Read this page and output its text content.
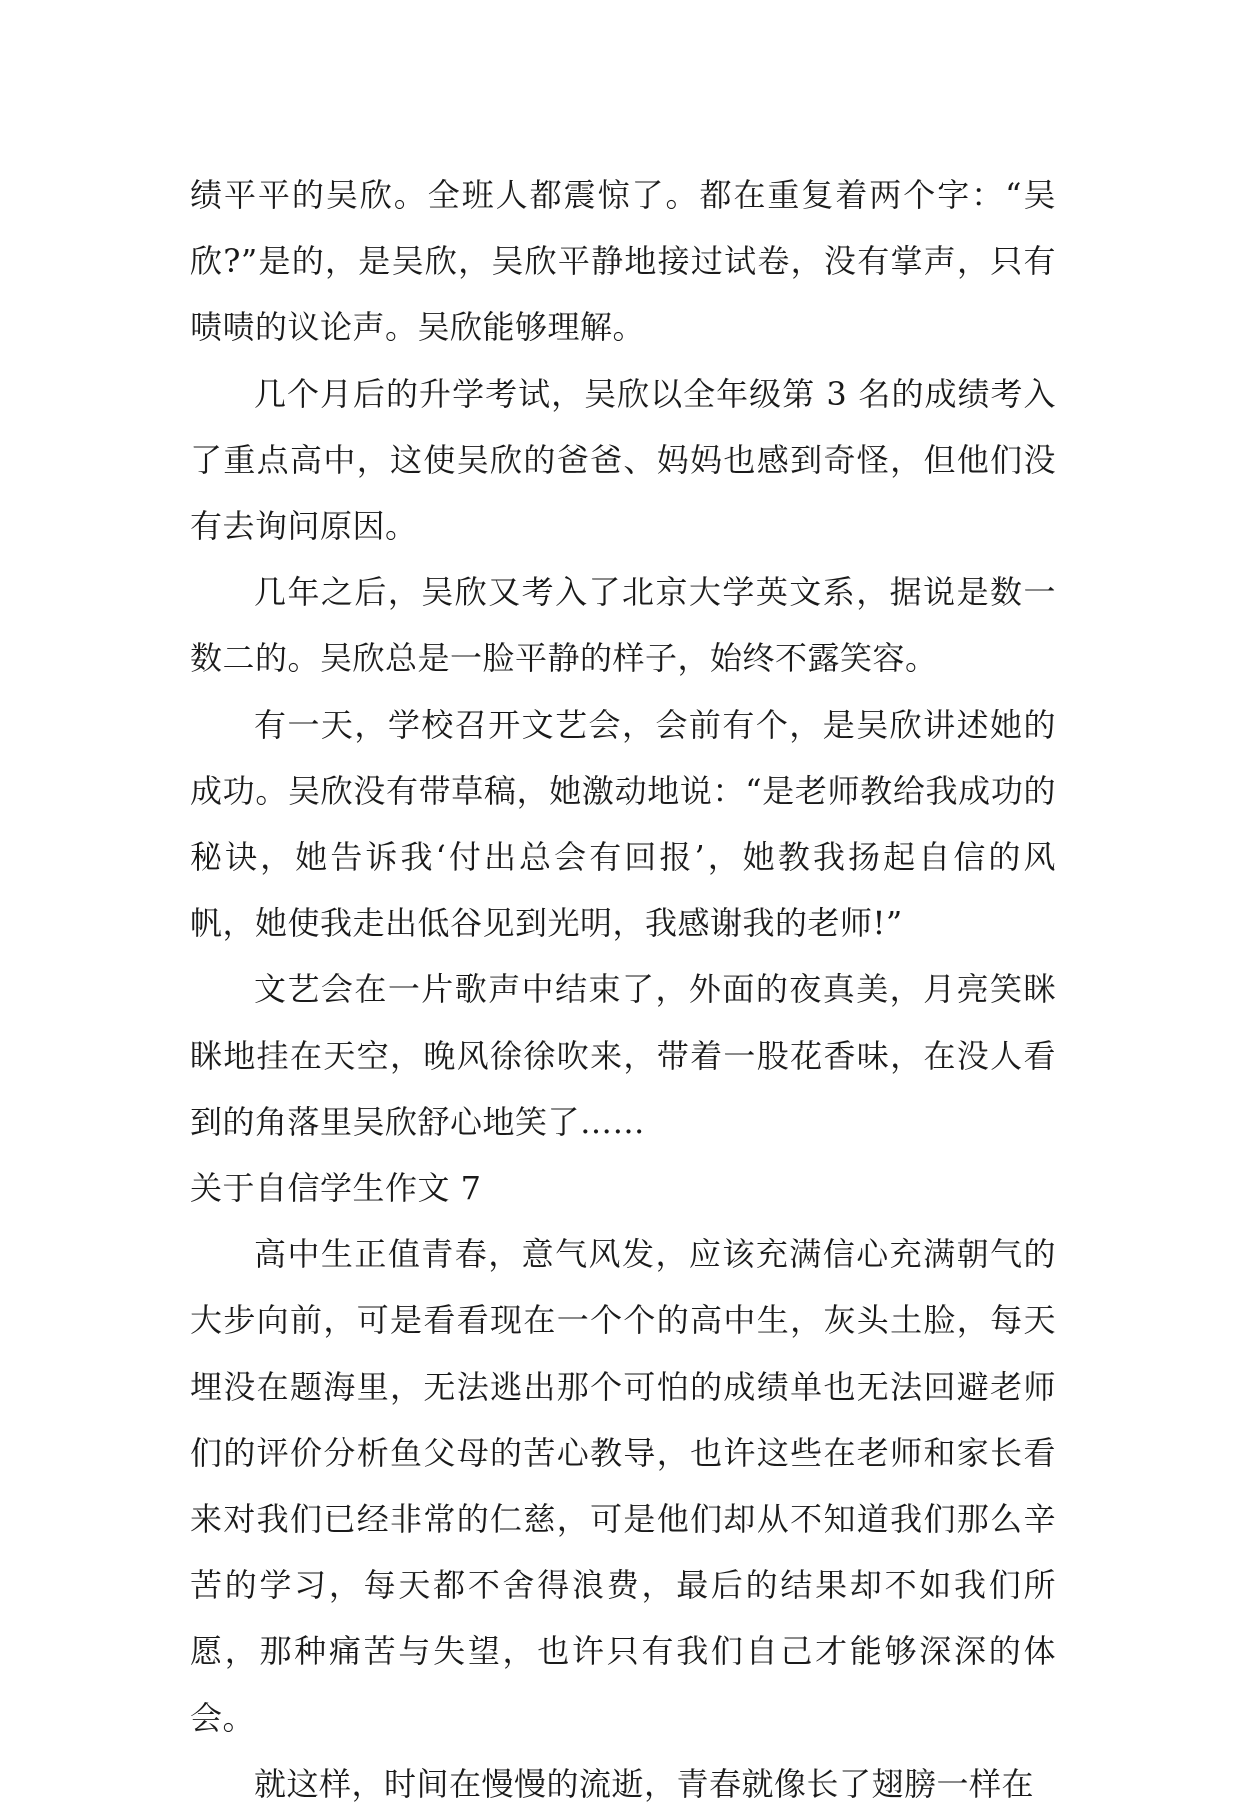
绩平平的吴欣。全班人都震惊了。都在重复着两个字：“吴欣?”是的，是吴欣，吴欣平静地接过试卷，没有掌声，只有啧啧的议论声。吴欣能够理解。

几个月后的升学考试，吴欣以全年级第 3 名的成绩考入了重点高中，这使吴欣的爸爸、妈妈也感到奇怪，但他们没有去询问原因。

几年之后，吴欣又考入了北京大学英文系，据说是数一数二的。吴欣总是一脸平静的样子，始终不露笑容。

有一天，学校召开文艺会，会前有个，是吴欣讲述她的成功。吴欣没有带草稿，她激动地说：“是老师教给我成功的秘诀，她告诉我‘付出总会有回报’，她教我扬起自信的风帆，她使我走出低谷见到光明，我感谢我的老师!”

文艺会在一片歌声中结束了，外面的夜真美，月亮笑眯眯地挂在天空，晚风徐徐吹来，带着一股花香味，在没人看到的角落里吴欣舒心地笑了……

关于自信学生作文 7

高中生正值青春，意气风发，应该充满信心充满朝气的大步向前，可是看看现在一个个的高中生，灰头土脸，每天埋没在题海里，无法逃出那个可怕的成绩单也无法回避老师们的评价分析鱼父母的苦心教导，也许这些在老师和家长看来对我们已经非常的仁慈，可是他们却从不知道我们那么辛苦的学习，每天都不舍得浪费，最后的结果却不如我们所愿，那种痛苦与失望，也许只有我们自己才能够深深的体会。

就这样，时间在慢慢的流逝，青春就像长了翅膀一样在
